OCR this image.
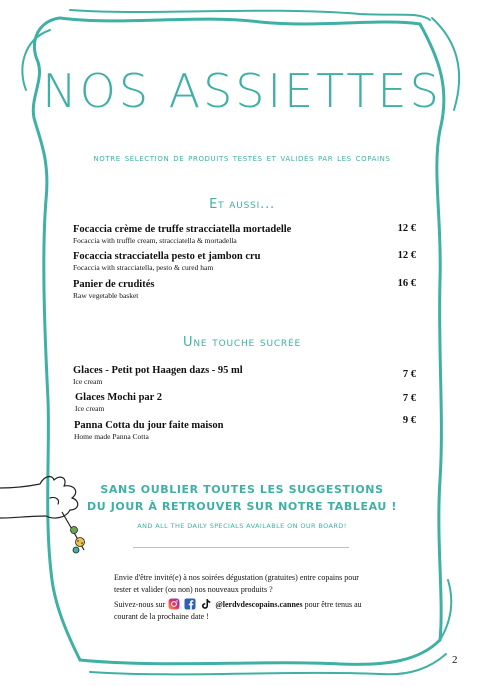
NOS ASSIETTES
notre sélection de produits testés et validés par les copains
Et aussi...
Focaccia crème de truffe stracciatella mortadelle
Focaccia with truffle cream, stracciatella & mortadella
12 €
Focaccia stracciatella pesto et jambon cru
Focaccia with stracciatella, pesto & cured ham
12 €
Panier de crudités
Raw vegetable basket
16 €
Une touche sucrée
Glaces - Petit pot Haagen dazs - 95 ml
Ice cream
7 €
Glaces Mochi par 2
Ice cream
7 €
Panna Cotta du jour faite maison
Home made Panna Cotta
9 €
SANS OUBLIER TOUTES LES SUGGESTIONS
DU JOUR À RETROUVER SUR NOTRE TABLEAU !
AND ALL THE DAILY SPECIALS AVAILABLE ON OUR BOARD!
Envie d'être invité(e) à nos soirées dégustation (gratuites) entre copains pour tester et valider (ou non) nos nouveaux produits ?
Suivez-nous sur	@lerdvdescopains.cannes pour être tenus au courant de la prochaine date !
2
